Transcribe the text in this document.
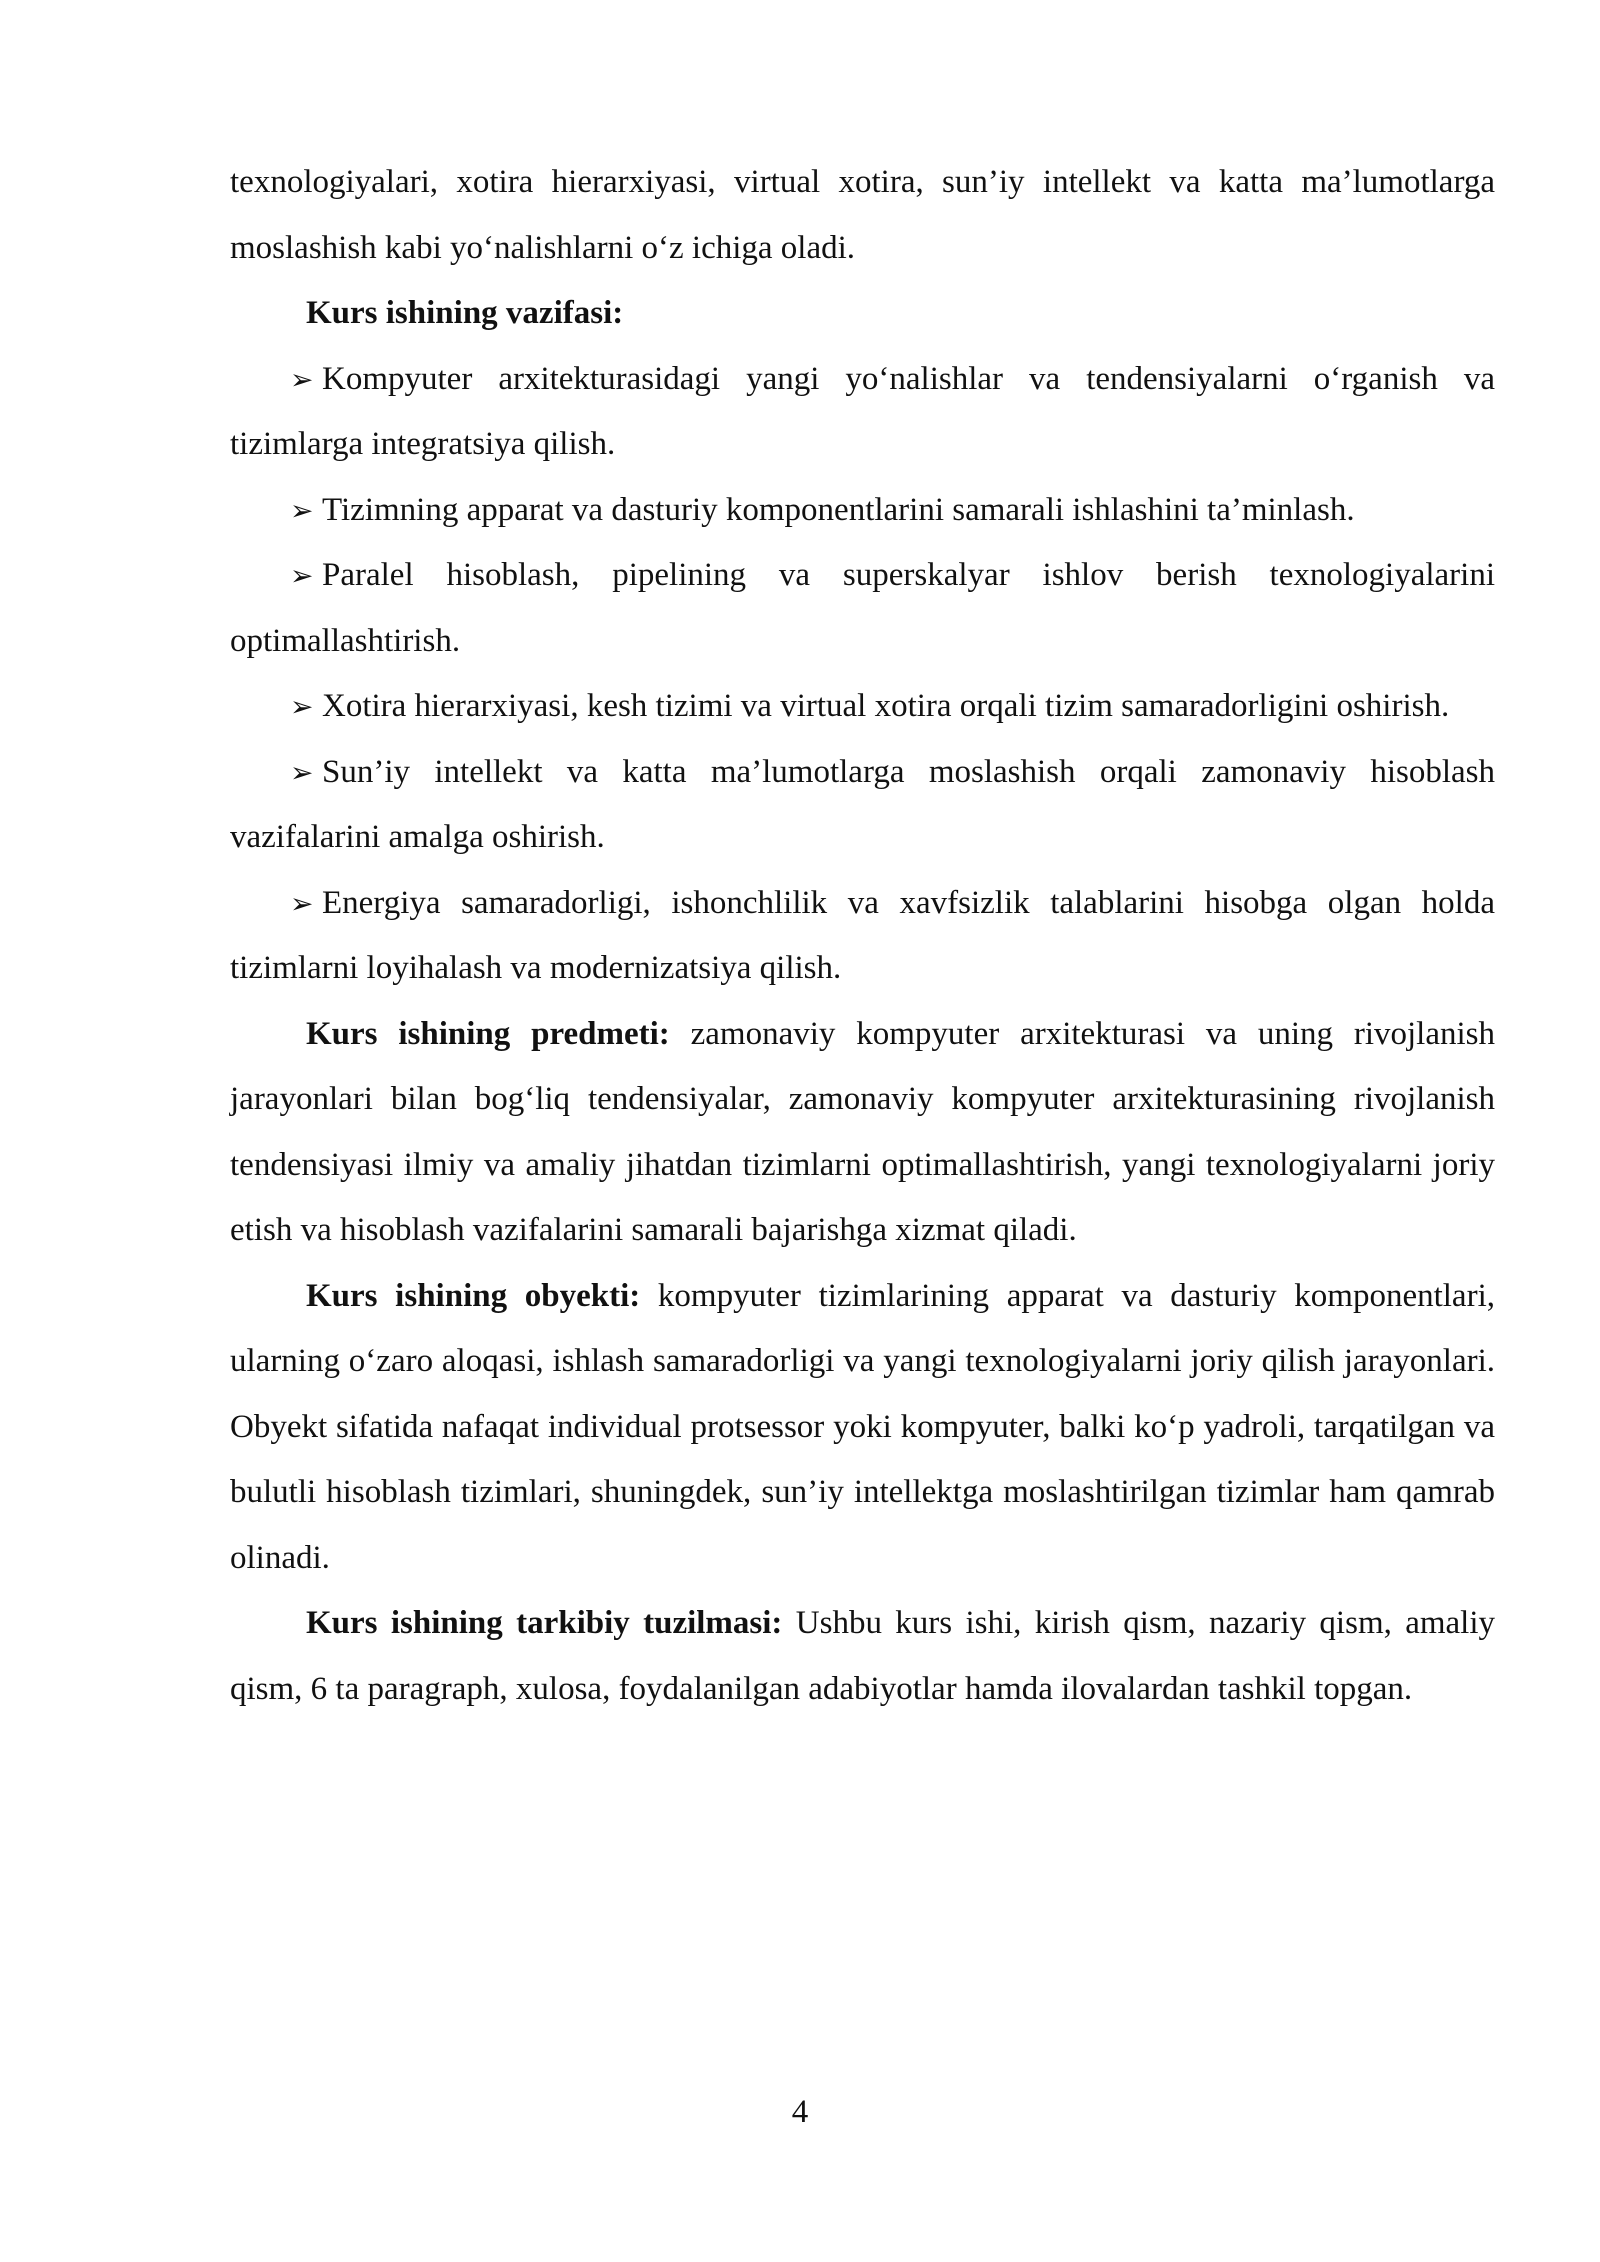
texnologiyalari, xotira hierarxiyasi, virtual xotira, sun’iy intellekt va katta ma’lumotlarga moslashish kabi yo‘nalishlarni o‘z ichiga oladi.

Kurs ishining vazifasi:

➢ Kompyuter arxitekturasidagi yangi yo‘nalishlar va tendensiyalarni o‘rganish va tizimlarga integratsiya qilish.

➢ Tizimning apparat va dasturiy komponentlarini samarali ishlashini ta’minlash.

➢ Paralel hisoblash, pipelining va superskalyar ishlov berish texnologiyalarini optimallashtirish.

➢ Xotira hierarxiyasi, kesh tizimi va virtual xotira orqali tizim samaradorligini oshirish.

➢ Sun’iy intellekt va katta ma’lumotlarga moslashish orqali zamonaviy hisoblash vazifalarini amalga oshirish.

➢ Energiya samaradorligi, ishonchlilik va xavfsizlik talablarini hisobga olgan holda tizimlarni loyihalash va modernizatsiya qilish.

Kurs ishining predmeti: zamonaviy kompyuter arxitekturasi va uning rivojlanish jarayonlari bilan bog‘liq tendensiyalar, zamonaviy kompyuter arxitekturasining rivojlanish tendensiyasi ilmiy va amaliy jihatdan tizimlarni optimallashtirish, yangi texnologiyalarni joriy etish va hisoblash vazifalarini samarali bajarishga xizmat qiladi.

Kurs ishining obyekti: kompyuter tizimlarining apparat va dasturiy komponentlari, ularning o‘zaro aloqasi, ishlash samaradorligi va yangi texnologiyalarni joriy qilish jarayonlari. Obyekt sifatida nafaqat individual protsessor yoki kompyuter, balki ko‘p yadroli, tarqatilgan va bulutli hisoblash tizimlari, shuningdek, sun’iy intellektga moslashtirilgan tizimlar ham qamrab olinadi.

Kurs ishining tarkibiy tuzilmasi: Ushbu kurs ishi, kirish qism, nazariy qism, amaliy qism, 6 ta paragraph, xulosa, foydalanilgan adabiyotlar hamda ilovalardan tashkil topgan.

4
